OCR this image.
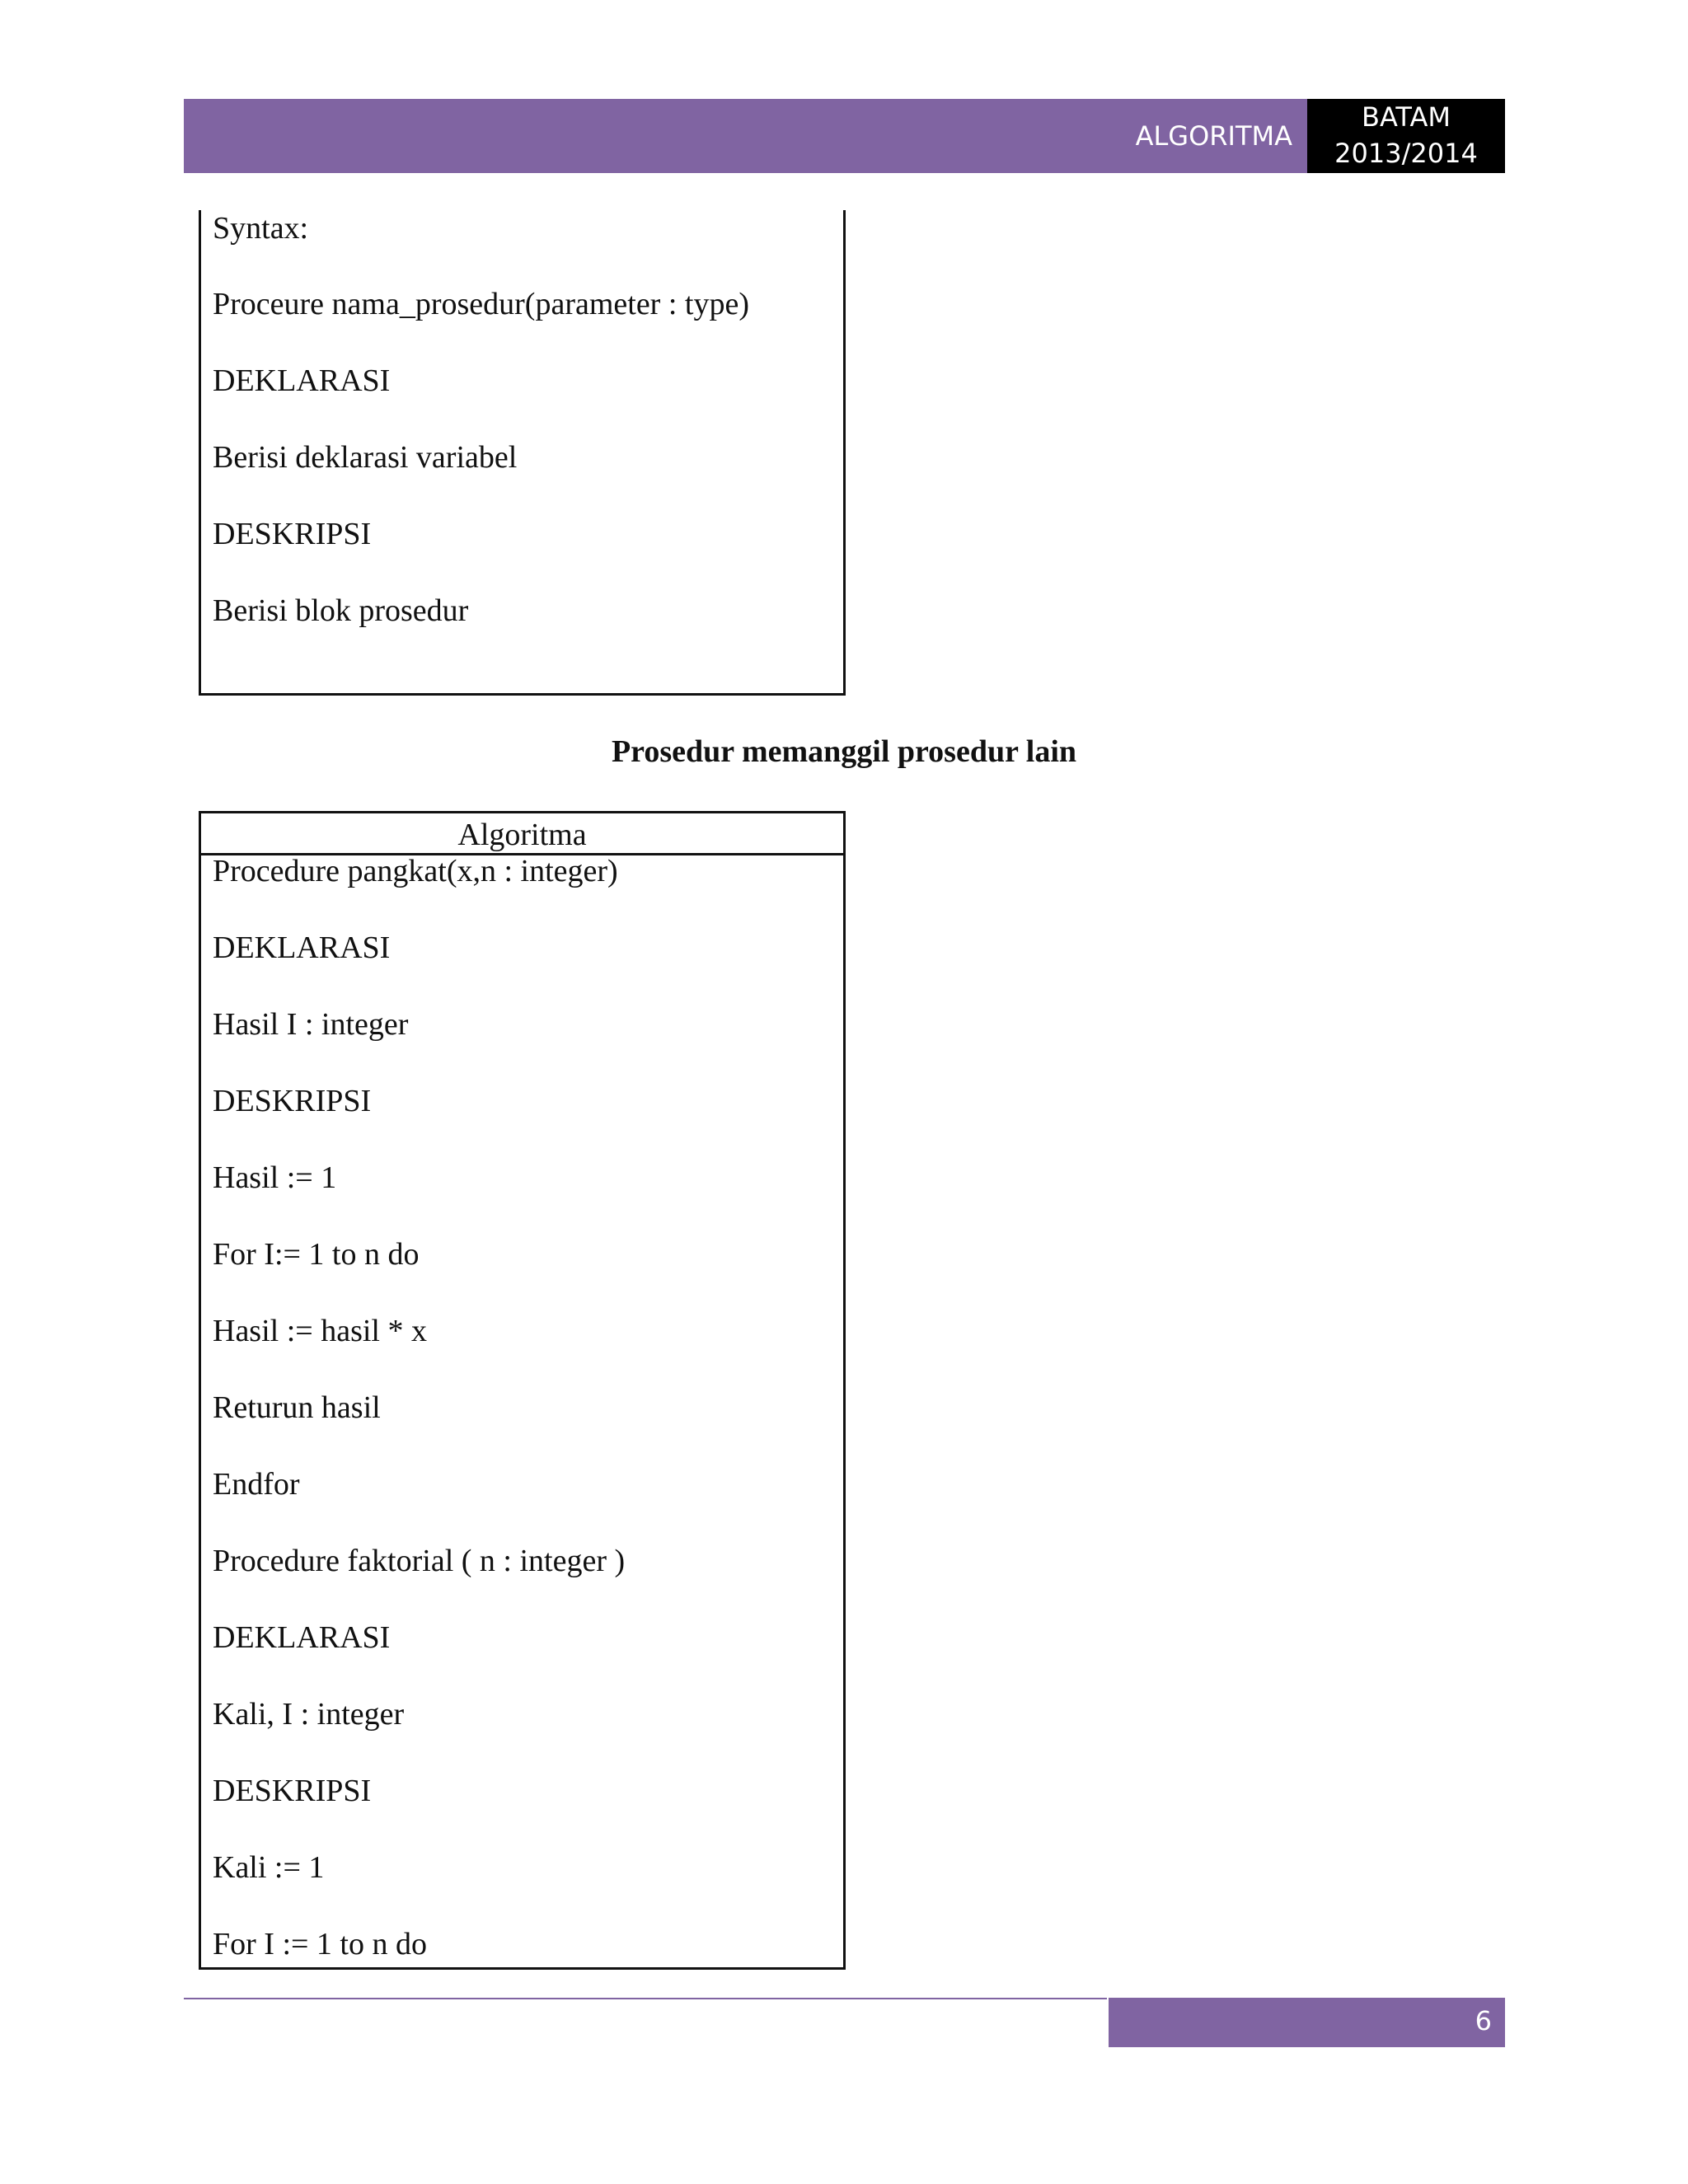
ALGORITMA
BATAM
2013/2014
Syntax:
Proceure nama_prosedur(parameter : type)
DEKLARASI
Berisi deklarasi variabel
DESKRIPSI
Berisi blok prosedur
Prosedur memanggil prosedur lain
Algoritma
Procedure pangkat(x,n : integer)
DEKLARASI
Hasil I : integer
DESKRIPSI
Hasil := 1
For I:= 1 to n do
Hasil := hasil * x
Returun hasil
Endfor
Procedure faktorial ( n : integer )
DEKLARASI
Kali, I : integer
DESKRIPSI
Kali := 1
For I := 1 to n do
6
